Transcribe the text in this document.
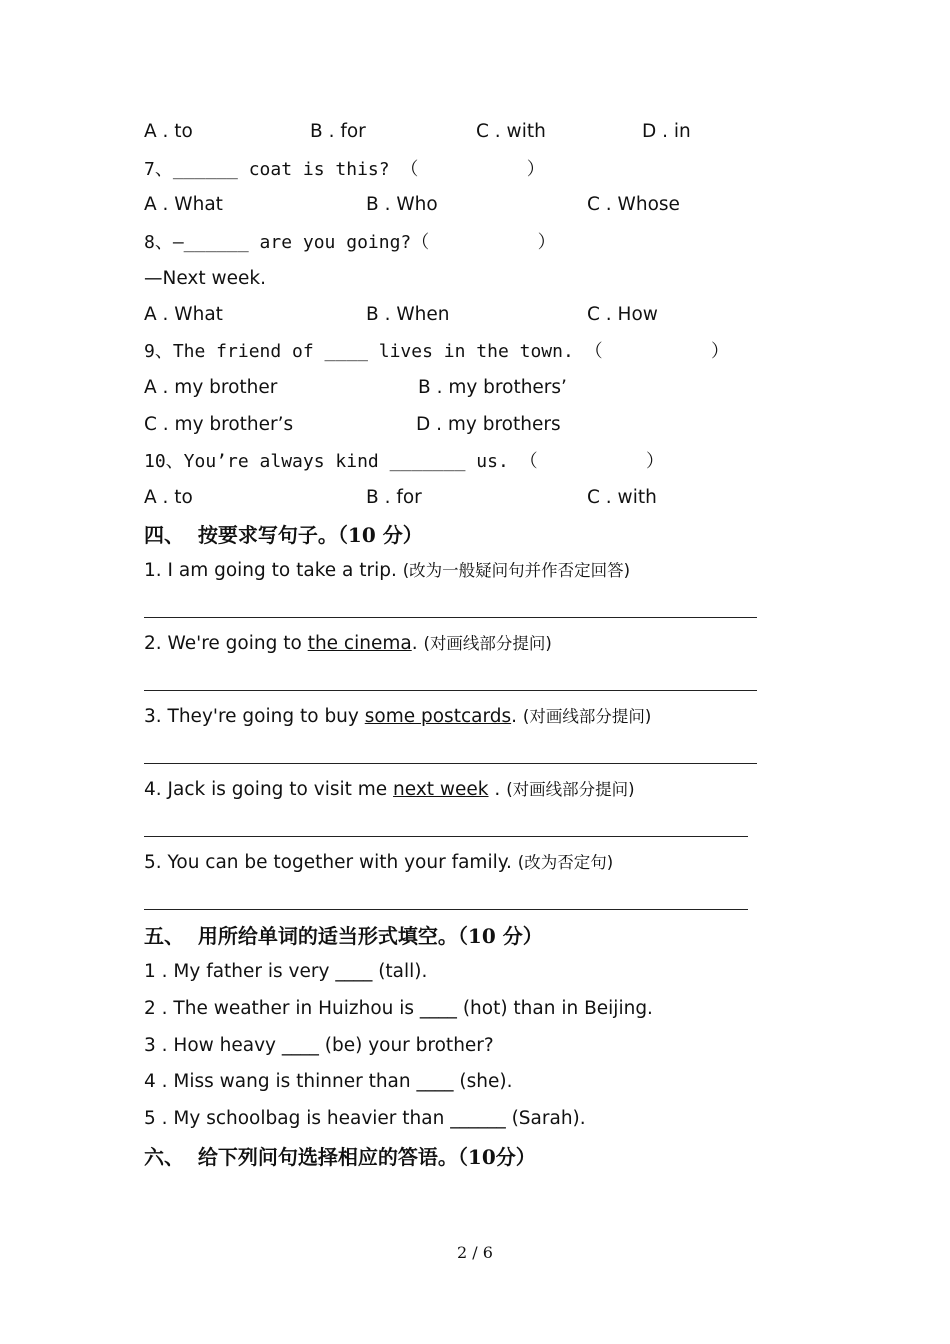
A . to	B . for	C . with	D . in
7、______ coat is this? （          ）
A . What	B . Who	C . Whose
8、—______ are you going?（          ）
—Next week.
A . What	B . When	C . How
9、The friend of ____ lives in the town. （          ）
A . my brother	B . my brothers’
C . my brother’s	D . my brothers
10、You’re always kind _______ us. （          ）
A . to	B . for	C . with
四、  按要求写句子。（10 分）
1. I am going to take a trip. (改为一般疑问句并作否定回答)
2. We're going to the cinema. (对画线部分提问)
3. They're going to buy some postcards. (对画线部分提问)
4. Jack is going to visit me next week . (对画线部分提问)
5. You can be together with your family. (改为否定句)
五、  用所给单词的适当形式填空。（10 分）
1 . My father is very ____ (tall).
2 . The weather in Huizhou is ____ (hot) than in Beijing.
3 . How heavy ____ (be) your brother?
4 . Miss wang is thinner than ____ (she).
5 . My schoolbag is heavier than ______ (Sarah).
六、  给下列问句选择相应的答语。（10分）
2 / 6
